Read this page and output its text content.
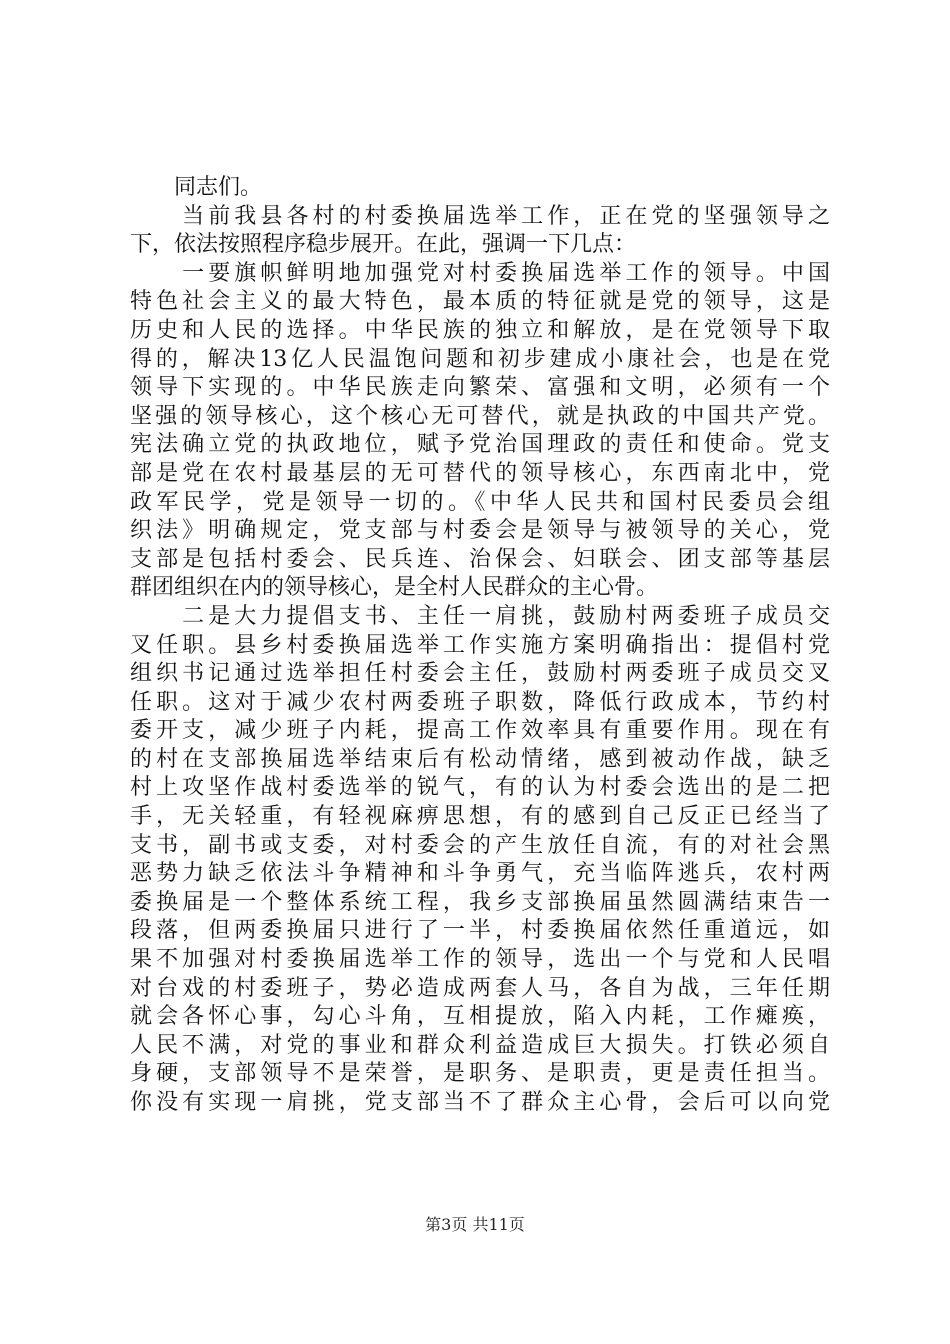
　　同志们。
　　当前我县各村的村委换届选举工作，正在党的坚强领导之
下，依法按照程序稳步展开。在此，强调一下几点：
　　一要旗帜鲜明地加强党对村委换届选举工作的领导。中国
特色社会主义的最大特色，最本质的特征就是党的领导，这是
历史和人民的选择。中华民族的独立和解放，是在党领导下取
得的，解决13亿人民温饱问题和初步建成小康社会，也是在党
领导下实现的。中华民族走向繁荣、富强和文明，必须有一个
坚强的领导核心，这个核心无可替代，就是执政的中国共产党。
宪法确立党的执政地位，赋予党治国理政的责任和使命。党支
部是党在农村最基层的无可替代的领导核心，东西南北中，党
政军民学，党是领导一切的。《中华人民共和国村民委员会组
织法》明确规定，党支部与村委会是领导与被领导的关心，党
支部是包括村委会、民兵连、治保会、妇联会、团支部等基层
群团组织在内的领导核心，是全村人民群众的主心骨。
　　二是大力提倡支书、主任一肩挑，鼓励村两委班子成员交
叉任职。县乡村委换届选举工作实施方案明确指出：提倡村党
组织书记通过选举担任村委会主任，鼓励村两委班子成员交叉
任职。这对于减少农村两委班子职数，降低行政成本，节约村
委开支，减少班子内耗，提高工作效率具有重要作用。现在有
的村在支部换届选举结束后有松动情绪，感到被动作战，缺乏
村上攻坚作战村委选举的锐气，有的认为村委会选出的是二把
手，无关轻重，有轻视麻痹思想，有的感到自己反正已经当了
支书，副书或支委，对村委会的产生放任自流，有的对社会黑
恶势力缺乏依法斗争精神和斗争勇气，充当临阵逃兵，农村两
委换届是一个整体系统工程，我乡支部换届虽然圆满结束告一
段落，但两委换届只进行了一半，村委换届依然任重道远，如
果不加强对村委换届选举工作的领导，选出一个与党和人民唱
对台戏的村委班子，势必造成两套人马，各自为战，三年任期
就会各怀心事，勾心斗角，互相提放，陷入内耗，工作瘫痪，
人民不满，对党的事业和群众利益造成巨大损失。打铁必须自
身硬，支部领导不是荣誉，是职务、是职责，更是责任担当。
你没有实现一肩挑，党支部当不了群众主心骨，会后可以向党
第3页 共11页
